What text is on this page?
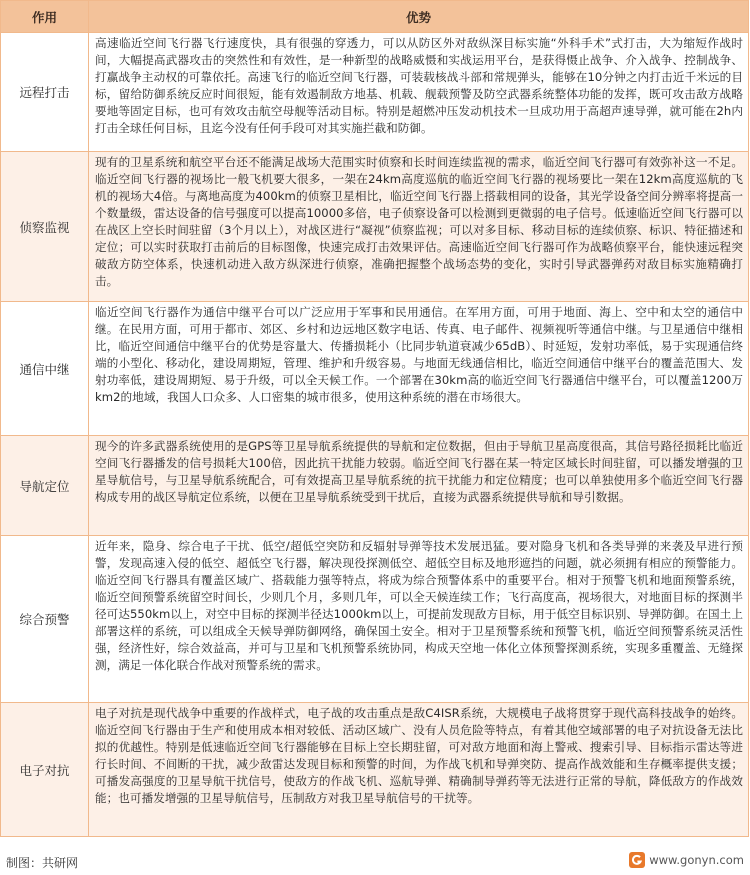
作用	优势
远程打击	高速临近空间飞行器飞行速度快，具有很强的穿透力，可以从防区外对敌纵深目标实施“外科手术”式打击，大为缩短作战时间，大幅提高武器攻击的突然性和有效性，是一种新型的战略威慑和实战运用平台，是获得慑止战争、介入战争、控制战争、打赢战争主动权的可靠依托。高速飞行的临近空间飞行器，可装载核战斗部和常规弹头，能够在10分钟之内打击近千米远的目标，留给防御系统反应时间很短，能有效遏制敌方地基、机载、舰载预警及防空武器系统整体功能的发挥，既可攻击敌方战略要地等固定目标，也可有效攻击航空母舰等活动目标。特别是超燃冲压发动机技术一旦成功用于高超声速导弹，就可能在2h内打击全球任何目标，且迄今没有任何手段可对其实施拦截和防御。
侦察监视	现有的卫星系统和航空平台还不能满足战场大范围实时侦察和长时间连续监视的需求，临近空间飞行器可有效弥补这一不足。临近空间飞行器的视场比一般飞机要大很多，一架在24km高度巡航的临近空间飞行器的视场要比一架在12km高度巡航的飞机的视场大4倍。与离地高度为400km的侦察卫星相比，临近空间飞行器上搭载相同的设备，其光学设备空间分辨率将提高一个数量级，雷达设备的信号强度可以提高10000多倍，电子侦察设备可以检测到更微弱的电子信号。低速临近空间飞行器可以在战区上空长时间驻留（3个月以上），对战区进行“凝视”侦察监视；可以对多目标、移动目标的连续侦察、标识、特征描述和定位；可以实时获取打击前后的目标图像，快速完成打击效果评估。高速临近空间飞行器可作为战略侦察平台，能快速远程突破敌方防空体系，快速机动进入敌方纵深进行侦察，准确把握整个战场态势的变化，实时引导武器弹药对敌目标实施精确打击。
通信中继	临近空间飞行器作为通信中继平台可以广泛应用于军事和民用通信。在军用方面，可用于地面、海上、空中和太空的通信中继。在民用方面，可用于都市、郊区、乡村和边远地区数字电话、传真、电子邮件、视频视听等通信中继。与卫星通信中继相比，临近空间通信中继平台的优势是容量大、传播损耗小（比同步轨道衰减少65dB）、时延短，发射功率低，易于实现通信终端的小型化、移动化，建设周期短，管理、维护和升级容易。与地面无线通信相比，临近空间通信中继平台的覆盖范围大、发射功率低，建设周期短、易于升级，可以全天候工作。一个部署在30km高的临近空间飞行器通信中继平台，可以覆盖1200万km2的地域，我国人口众多、人口密集的城市很多，使用这种系统的潜在市场很大。
导航定位	现今的许多武器系统使用的是GPS等卫星导航系统提供的导航和定位数据，但由于导航卫星高度很高，其信号路径损耗比临近空间飞行器播发的信号损耗大100倍，因此抗干扰能力较弱。临近空间飞行器在某一特定区域长时间驻留，可以播发增强的卫星导航信号，与卫星导航系统配合，可有效提高卫星导航系统的抗干扰能力和定位精度；也可以单独使用多个临近空间飞行器构成专用的战区导航定位系统，以便在卫星导航系统受到干扰后，直接为武器系统提供导航和导引数据。
综合预警	近年来，隐身、综合电子干扰、低空/超低空突防和反辐射导弹等技术发展迅猛。要对隐身飞机和各类导弹的来袭及早进行预警，发现高速入侵的低空、超低空飞行器，解决现役探测低空、超低空目标及地形遮挡的问题，就必须拥有相应的预警能力。临近空间飞行器具有覆盖区域广、搭载能力强等特点，将成为综合预警体系中的重要平台。相对于预警飞机和地面预警系统，临近空间预警系统留空时间长，少则几个月，多则几年，可以全天候连续工作；飞行高度高，视场很大，对地面目标的探测半径可达550km以上，对空中目标的探测半径达1000km以上，可提前发现敌方目标，用于低空目标识别、导弹防御。在国土上部署这样的系统，可以组成全天候导弹防御网络，确保国土安全。相对于卫星预警系统和预警飞机，临近空间预警系统灵活性强，经济性好，综合效益高，并可与卫星和飞机预警系统协同，构成天空地一体化立体预警探测系统，实现多重覆盖、无缝探测，满足一体化联合作战对预警系统的需求。
电子对抗	电子对抗是现代战争中重要的作战样式，电子战的攻击重点是敌C4ISR系统，大规模电子战将贯穿于现代高科技战争的始终。临近空间飞行器由于生产和使用成本相对较低、活动区域广、没有人员危险等特点，有着其他空域部署的电子对抗设备无法比拟的优越性。特别是低速临近空间飞行器能够在目标上空长期驻留，可对敌方地面和海上警戒、搜索引导、目标指示雷达等进行长时间、不间断的干扰，减少敌雷达发现目标和预警的时间，为作战飞机和导弹突防、提高作战效能和生存概率提供支援；可播发高强度的卫星导航干扰信号，使敌方的作战飞机、巡航导弹、精确制导弹药等无法进行正常的导航，降低敌方的作战效能；也可播发增强的卫星导航信号，压制敌方对我卫星导航信号的干扰等。
制图：共研网	www.gonyn.com
